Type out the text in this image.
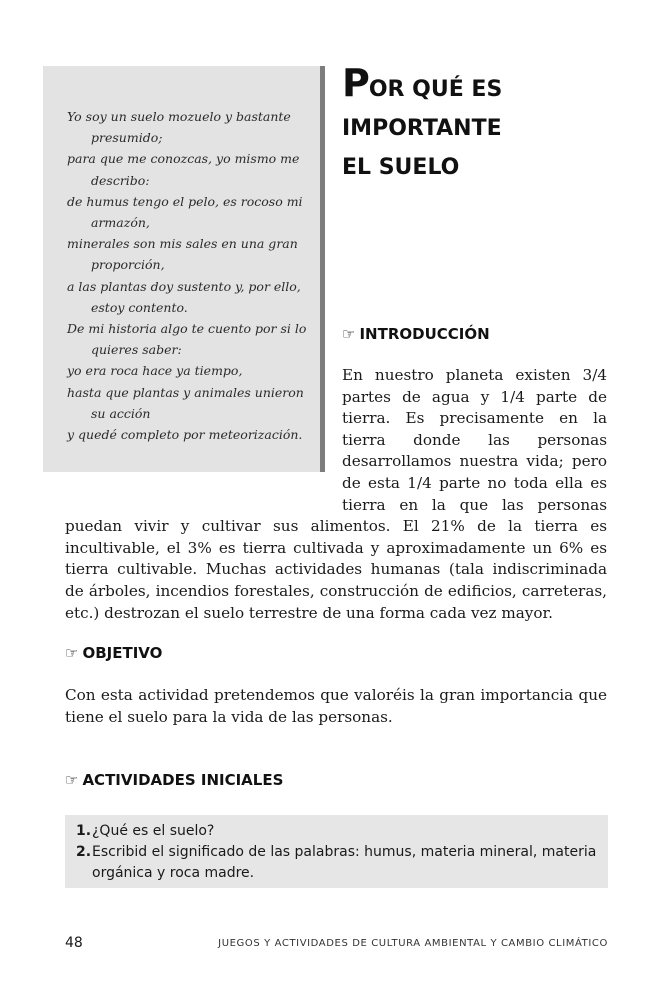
Yo soy un suelo mozuelo y bastante presumido;
para que me conozcas, yo mismo me describo:
de humus tengo el pelo, es rocoso mi armazón,
minerales son mis sales en una gran proporción,
a las plantas doy sustento y, por ello, estoy contento.
De mi historia algo te cuento por si lo quieres saber:
yo era roca hace ya tiempo,
hasta que plantas y animales unieron su acción
y quedé completo por meteorización.
POR QUÉ ES
IMPORTANTE
EL SUELO
☞ INTRODUCCIÓN
En nuestro planeta existen 3/4 partes de agua y 1/4 parte de tierra. Es precisamente en la tierra donde las personas desarrollamos nuestra vida; pero de esta 1/4 parte no toda ella es tierra en la que las personas puedan vivir y cultivar sus alimentos. El 21% de la tierra es incultivable, el 3% es tierra cultivada y aproximadamente un 6% es tierra cultivable. Muchas actividades humanas (tala indiscriminada de árboles, incendios forestales, construcción de edificios, carreteras, etc.) destrozan el suelo terrestre de una forma cada vez mayor.
☞ OBJETIVO
Con esta actividad pretendemos que valoréis la gran importancia que tiene el suelo para la vida de las personas.
☞ ACTIVIDADES INICIALES
1. ¿Qué es el suelo?
2. Escribid el significado de las palabras: humus, materia mineral, materia orgánica y roca madre.
48	JUEGOS Y ACTIVIDADES DE CULTURA AMBIENTAL Y CAMBIO CLIMÁTICO
